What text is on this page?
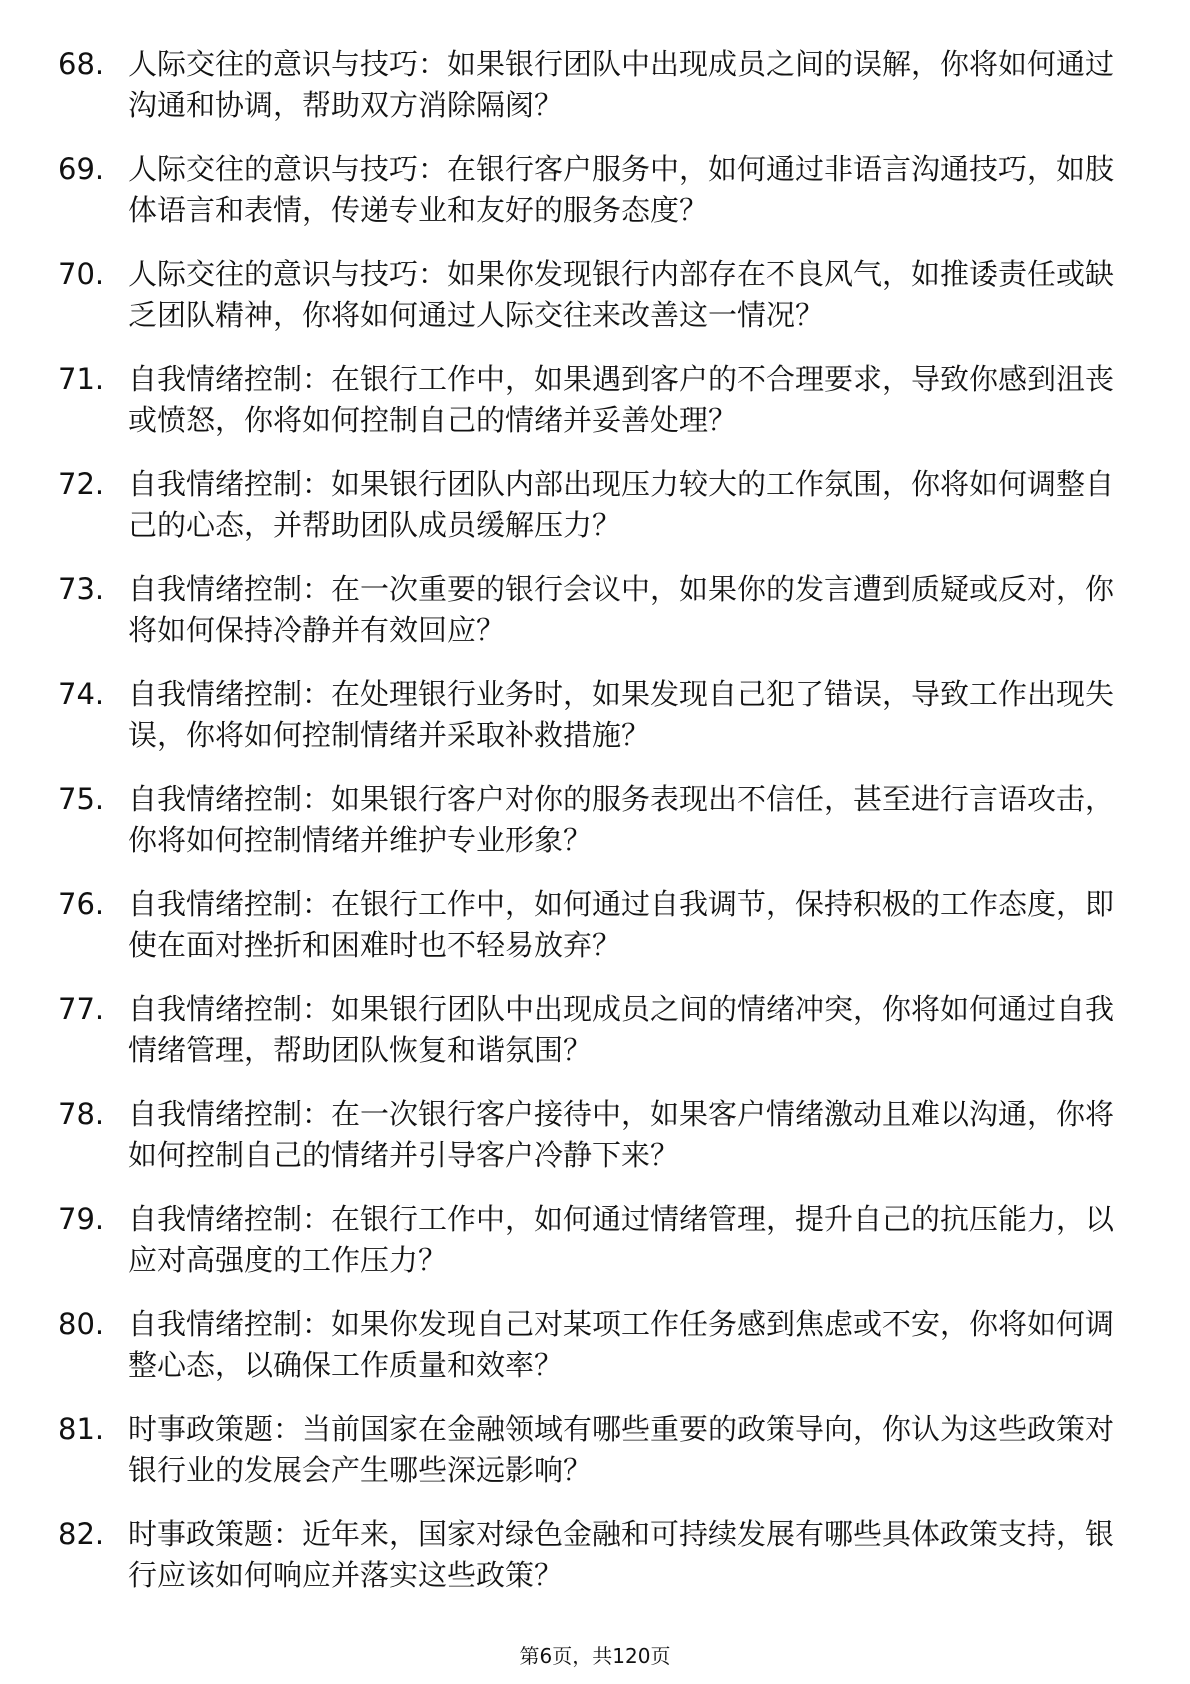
68. 人际交往的意识与技巧：如果银行团队中出现成员之间的误解，你将如何通过沟通和协调，帮助双方消除隔阂？
69. 人际交往的意识与技巧：在银行客户服务中，如何通过非语言沟通技巧，如肢体语言和表情，传递专业和友好的服务态度？
70. 人际交往的意识与技巧：如果你发现银行内部存在不良风气，如推诿责任或缺乏团队精神，你将如何通过人际交往来改善这一情况？
71. 自我情绪控制：在银行工作中，如果遇到客户的不合理要求，导致你感到沮丧或愤怒，你将如何控制自己的情绪并妥善处理？
72. 自我情绪控制：如果银行团队内部出现压力较大的工作氛围，你将如何调整自己的心态，并帮助团队成员缓解压力？
73. 自我情绪控制：在一次重要的银行会议中，如果你的发言遭到质疑或反对，你将如何保持冷静并有效回应？
74. 自我情绪控制：在处理银行业务时，如果发现自己犯了错误，导致工作出现失误，你将如何控制情绪并采取补救措施？
75. 自我情绪控制：如果银行客户对你的服务表现出不信任，甚至进行言语攻击，你将如何控制情绪并维护专业形象？
76. 自我情绪控制：在银行工作中，如何通过自我调节，保持积极的工作态度，即使在面对挫折和困难时也不轻易放弃？
77. 自我情绪控制：如果银行团队中出现成员之间的情绪冲突，你将如何通过自我情绪管理，帮助团队恢复和谐氛围？
78. 自我情绪控制：在一次银行客户接待中，如果客户情绪激动且难以沟通，你将如何控制自己的情绪并引导客户冷静下来？
79. 自我情绪控制：在银行工作中，如何通过情绪管理，提升自己的抗压能力，以应对高强度的工作压力？
80. 自我情绪控制：如果你发现自己对某项工作任务感到焦虑或不安，你将如何调整心态，以确保工作质量和效率？
81. 时事政策题：当前国家在金融领域有哪些重要的政策导向，你认为这些政策对银行业的发展会产生哪些深远影响？
82. 时事政策题：近年来，国家对绿色金融和可持续发展有哪些具体政策支持，银行应该如何响应并落实这些政策？
第6页，共120页
